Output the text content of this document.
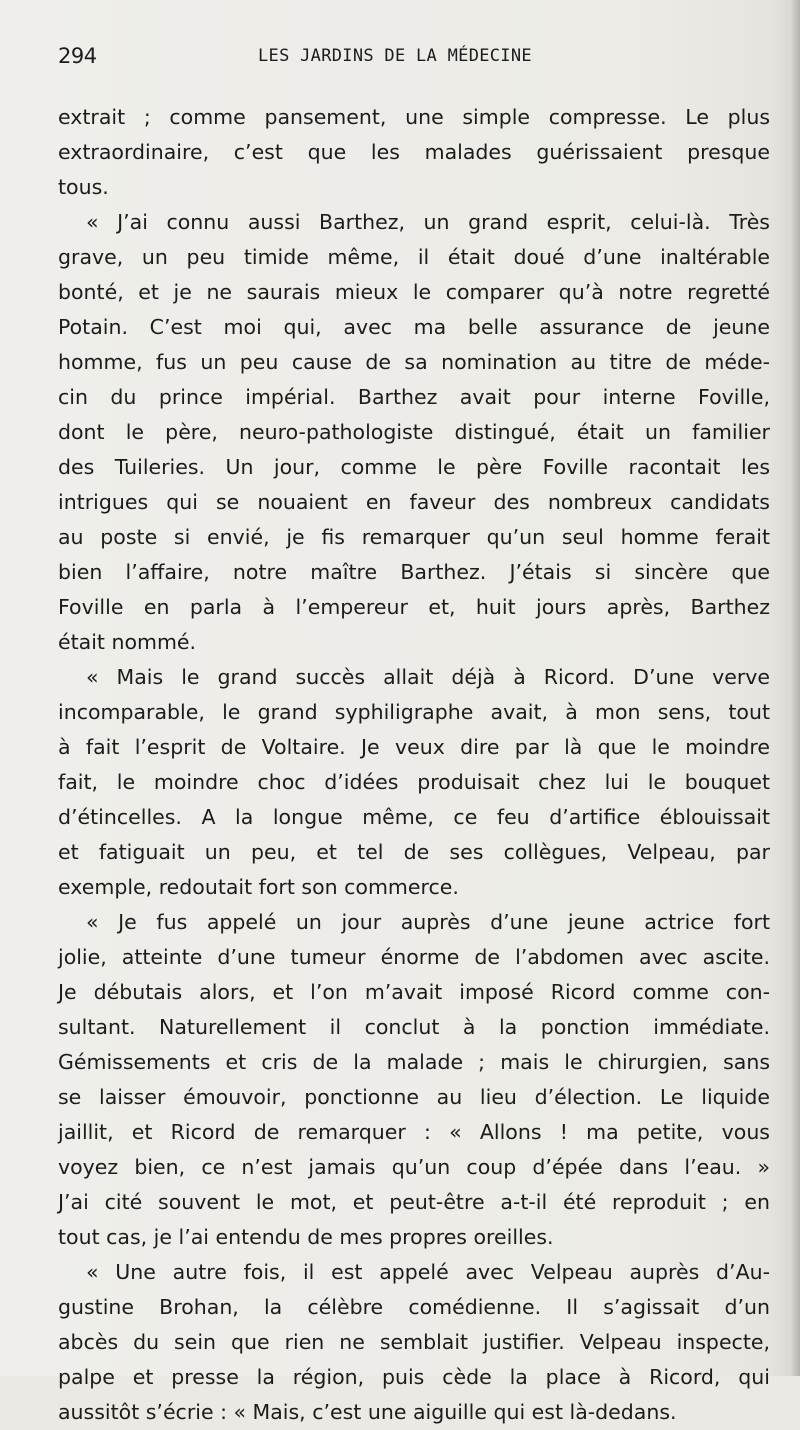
294	LES JARDINS DE LA MÉDECINE
extrait ; comme pansement, une simple compresse. Le plus
extraordinaire, c’est que les malades guérissaient presque
tous.
« J’ai connu aussi Barthez, un grand esprit, celui-là. Très
grave, un peu timide même, il était doué d’une inaltérable
bonté, et je ne saurais mieux le comparer qu’à notre regretté
Potain. C’est moi qui, avec ma belle assurance de jeune
homme, fus un peu cause de sa nomination au titre de méde-
cin du prince impérial. Barthez avait pour interne Foville,
dont le père, neuro-pathologiste distingué, était un familier
des Tuileries. Un jour, comme le père Foville racontait les
intrigues qui se nouaient en faveur des nombreux candidats
au poste si envié, je fis remarquer qu’un seul homme ferait
bien l’affaire, notre maître Barthez. J’étais si sincère que
Foville en parla à l’empereur et, huit jours après, Barthez
était nommé.
« Mais le grand succès allait déjà à Ricord. D’une verve
incomparable, le grand syphiligraphe avait, à mon sens, tout
à fait l’esprit de Voltaire. Je veux dire par là que le moindre
fait, le moindre choc d’idées produisait chez lui le bouquet
d’étincelles. A la longue même, ce feu d’artifice éblouissait
et fatiguait un peu, et tel de ses collègues, Velpeau, par
exemple, redoutait fort son commerce.
« Je fus appelé un jour auprès d’une jeune actrice fort
jolie, atteinte d’une tumeur énorme de l’abdomen avec ascite.
Je débutais alors, et l’on m’avait imposé Ricord comme con-
sultant. Naturellement il conclut à la ponction immédiate.
Gémissements et cris de la malade ; mais le chirurgien, sans
se laisser émouvoir, ponctionne au lieu d’élection. Le liquide
jaillit, et Ricord de remarquer : « Allons ! ma petite, vous
voyez bien, ce n’est jamais qu’un coup d’épée dans l’eau. »
J’ai cité souvent le mot, et peut-être a-t-il été reproduit ; en
tout cas, je l’ai entendu de mes propres oreilles.
« Une autre fois, il est appelé avec Velpeau auprès d’Au-
gustine Brohan, la célèbre comédienne. Il s’agissait d’un
abcès du sein que rien ne semblait justifier. Velpeau inspecte,
palpe et presse la région, puis cède la place à Ricord, qui
aussitôt s’écrie : « Mais, c’est une aiguille qui est là-dedans.
